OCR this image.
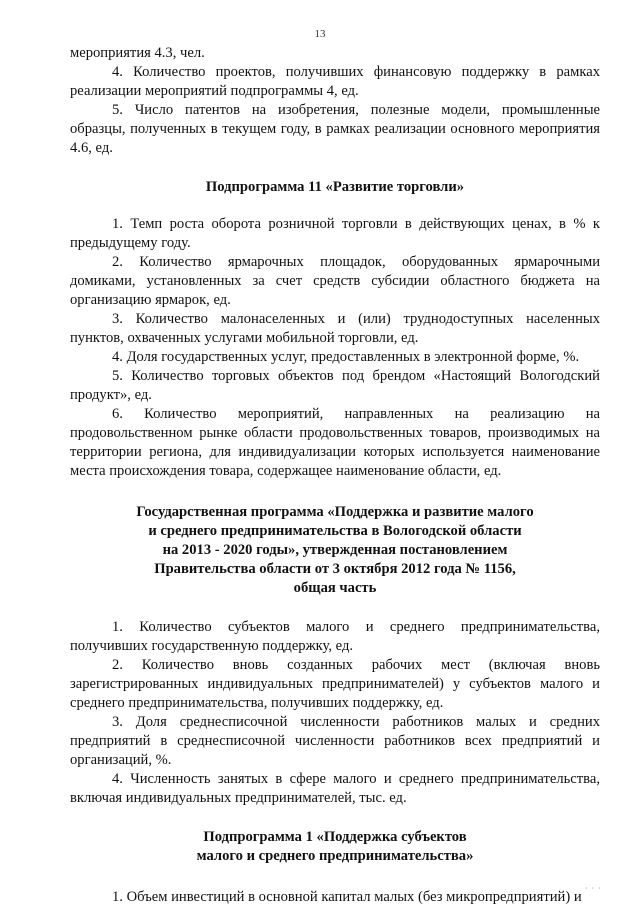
13

мероприятия 4.3, чел.

4. Количество проектов, получивших финансовую поддержку в рамках реализации мероприятий подпрограммы 4, ед.

5. Число патентов на изобретения, полезные модели, промышленные образцы, полученных в текущем году, в рамках реализации основного мероприятия 4.6, ед.

Подпрограмма 11 «Развитие торговли»

1. Темп роста оборота розничной торговли в действующих ценах, в % к предыдущему году.

2. Количество ярмарочных площадок, оборудованных ярмарочными домиками, установленных за счет средств субсидии областного бюджета на организацию ярмарок, ед.

3. Количество малонаселенных и (или) труднодоступных населенных пунктов, охваченных услугами мобильной торговли, ед.

4. Доля государственных услуг, предоставленных в электронной форме, %.

5. Количество торговых объектов под брендом «Настоящий Вологодский продукт», ед.

6. Количество мероприятий, направленных на реализацию на продовольственном рынке области продовольственных товаров, производимых на территории региона, для индивидуализации которых используется наименование места происхождения товара, содержащее наименование области, ед.

Государственная программа «Поддержка и развитие малого
и среднего предпринимательства в Вологодской области
на 2013 - 2020 годы», утвержденная постановлением
Правительства области от 3 октября 2012 года № 1156,
общая часть

1. Количество субъектов малого и среднего предпринимательства, получивших государственную поддержку, ед.

2. Количество вновь созданных рабочих мест (включая вновь зарегистрированных индивидуальных предпринимателей) у субъектов малого и среднего предпринимательства, получивших поддержку, ед.

3. Доля среднесписочной численности работников малых и средних предприятий в среднесписочной численности работников всех предприятий и организаций, %.

4. Численность занятых в сфере малого и среднего предпринимательства, включая индивидуальных предпринимателей, тыс. ед.

Подпрограмма 1 «Поддержка субъектов
малого и среднего предпринимательства»

1. Объем инвестиций в основной капитал малых (без микропредприятий) и

· · ·
